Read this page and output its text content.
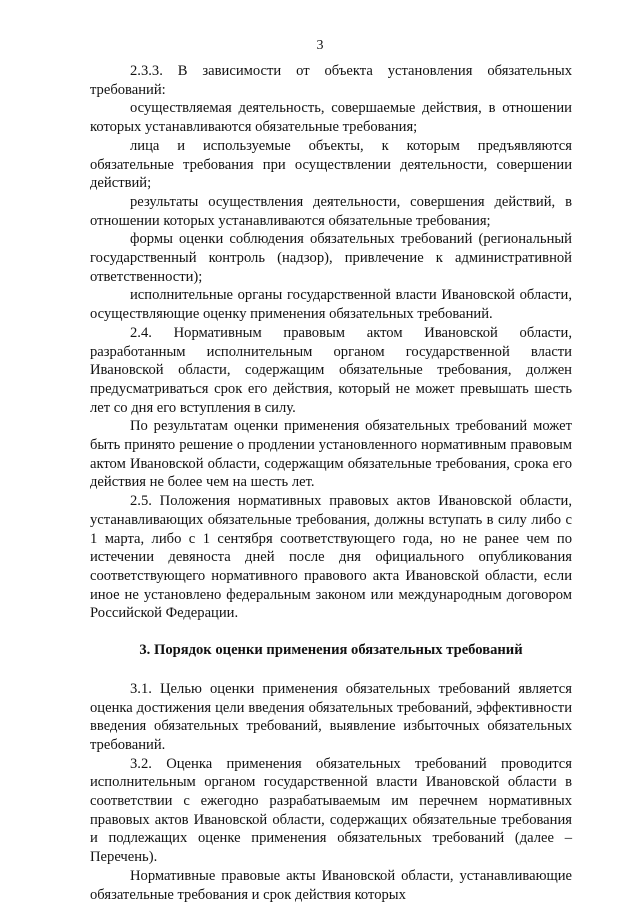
3

2.3.3. В зависимости от объекта установления обязательных требований:

осуществляемая деятельность, совершаемые действия, в отношении которых устанавливаются обязательные требования;

лица и используемые объекты, к которым предъявляются обязательные требования при осуществлении деятельности, совершении действий;

результаты осуществления деятельности, совершения действий, в отношении которых устанавливаются обязательные требования;

формы оценки соблюдения обязательных требований (региональный государственный контроль (надзор), привлечение к административной ответственности);

исполнительные органы государственной власти Ивановской области, осуществляющие оценку применения обязательных требований.

2.4. Нормативным правовым актом Ивановской области, разработанным исполнительным органом государственной власти Ивановской области, содержащим обязательные требования, должен предусматриваться срок его действия, который не может превышать шесть лет со дня его вступления в силу.

По результатам оценки применения обязательных требований может быть принято решение о продлении установленного нормативным правовым актом Ивановской области, содержащим обязательные требования, срока его действия не более чем на шесть лет.

2.5. Положения нормативных правовых актов Ивановской области, устанавливающих обязательные требования, должны вступать в силу либо с 1 марта, либо с 1 сентября соответствующего года, но не ранее чем по истечении девяноста дней после дня официального опубликования соответствующего нормативного правового акта Ивановской области, если иное не установлено федеральным законом или международным договором Российской Федерации.

3. Порядок оценки применения обязательных требований

3.1. Целью оценки применения обязательных требований является оценка достижения цели введения обязательных требований, эффективности введения обязательных требований, выявление избыточных обязательных требований.

3.2. Оценка применения обязательных требований проводится исполнительным органом государственной власти Ивановской области в соответствии с ежегодно разрабатываемым им перечнем нормативных правовых актов Ивановской области, содержащих обязательные требования и подлежащих оценке применения обязательных требований (далее – Перечень).

Нормативные правовые акты Ивановской области, устанавливающие обязательные требования и срок действия которых
